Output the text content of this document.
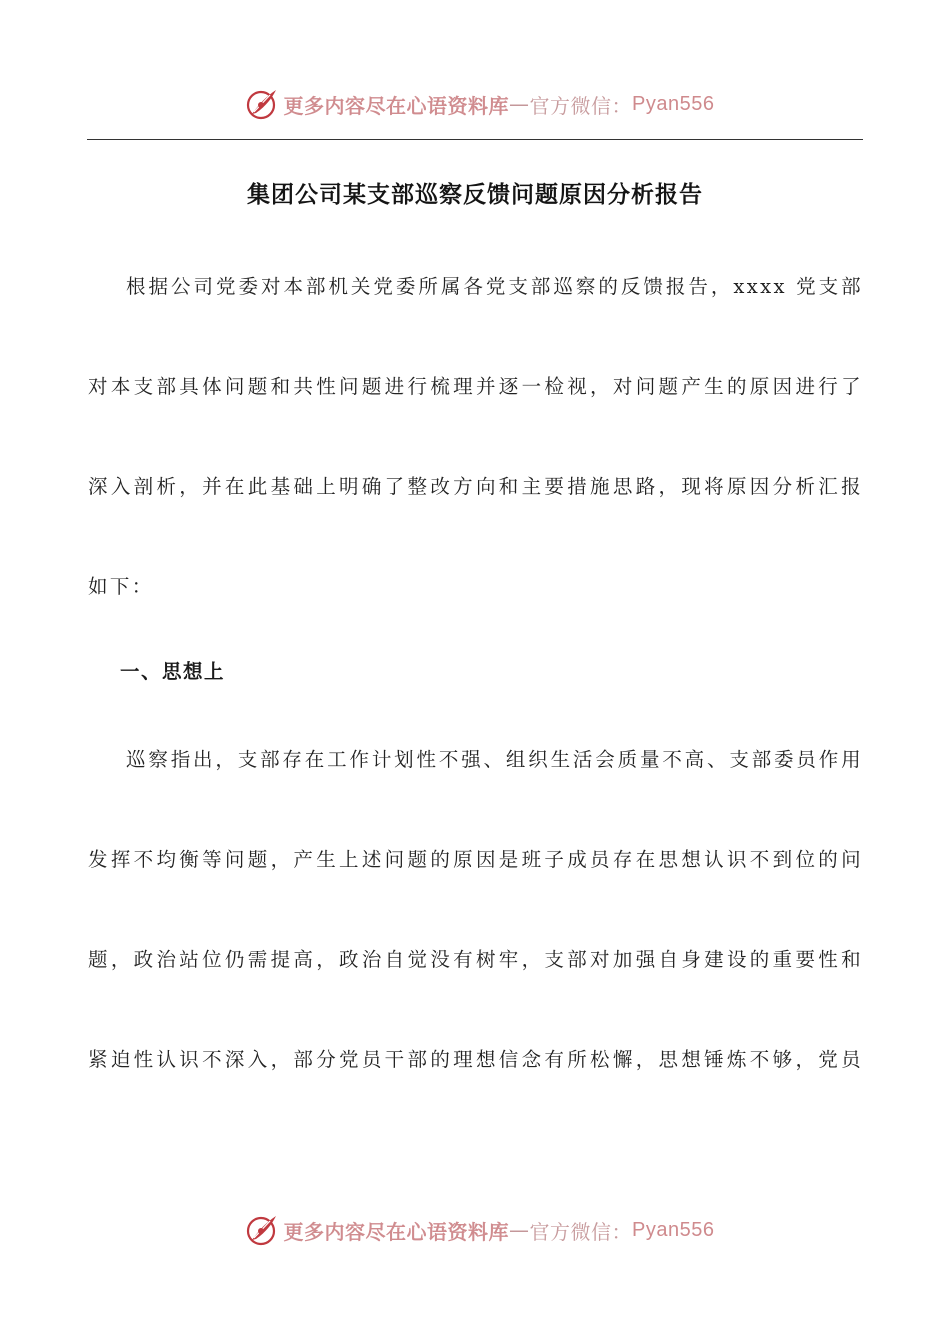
更多内容尽在心语资料库 — 官方微信： Pyan556
集团公司某支部巡察反馈问题原因分析报告
根据公司党委对本部机关党委所属各党支部巡察的反馈报告，xxxx 党支部
对本支部具体问题和共性问题进行梳理并逐一检视，对问题产生的原因进行了
深入剖析，并在此基础上明确了整改方向和主要措施思路，现将原因分析汇报
如下：
一、思想上
巡察指出，支部存在工作计划性不强、组织生活会质量不高、支部委员作用
发挥不均衡等问题，产生上述问题的原因是班子成员存在思想认识不到位的问
题，政治站位仍需提高，政治自觉没有树牢，支部对加强自身建设的重要性和
紧迫性认识不深入，部分党员干部的理想信念有所松懈，思想锤炼不够，党员
更多内容尽在心语资料库 — 官方微信： Pyan556
